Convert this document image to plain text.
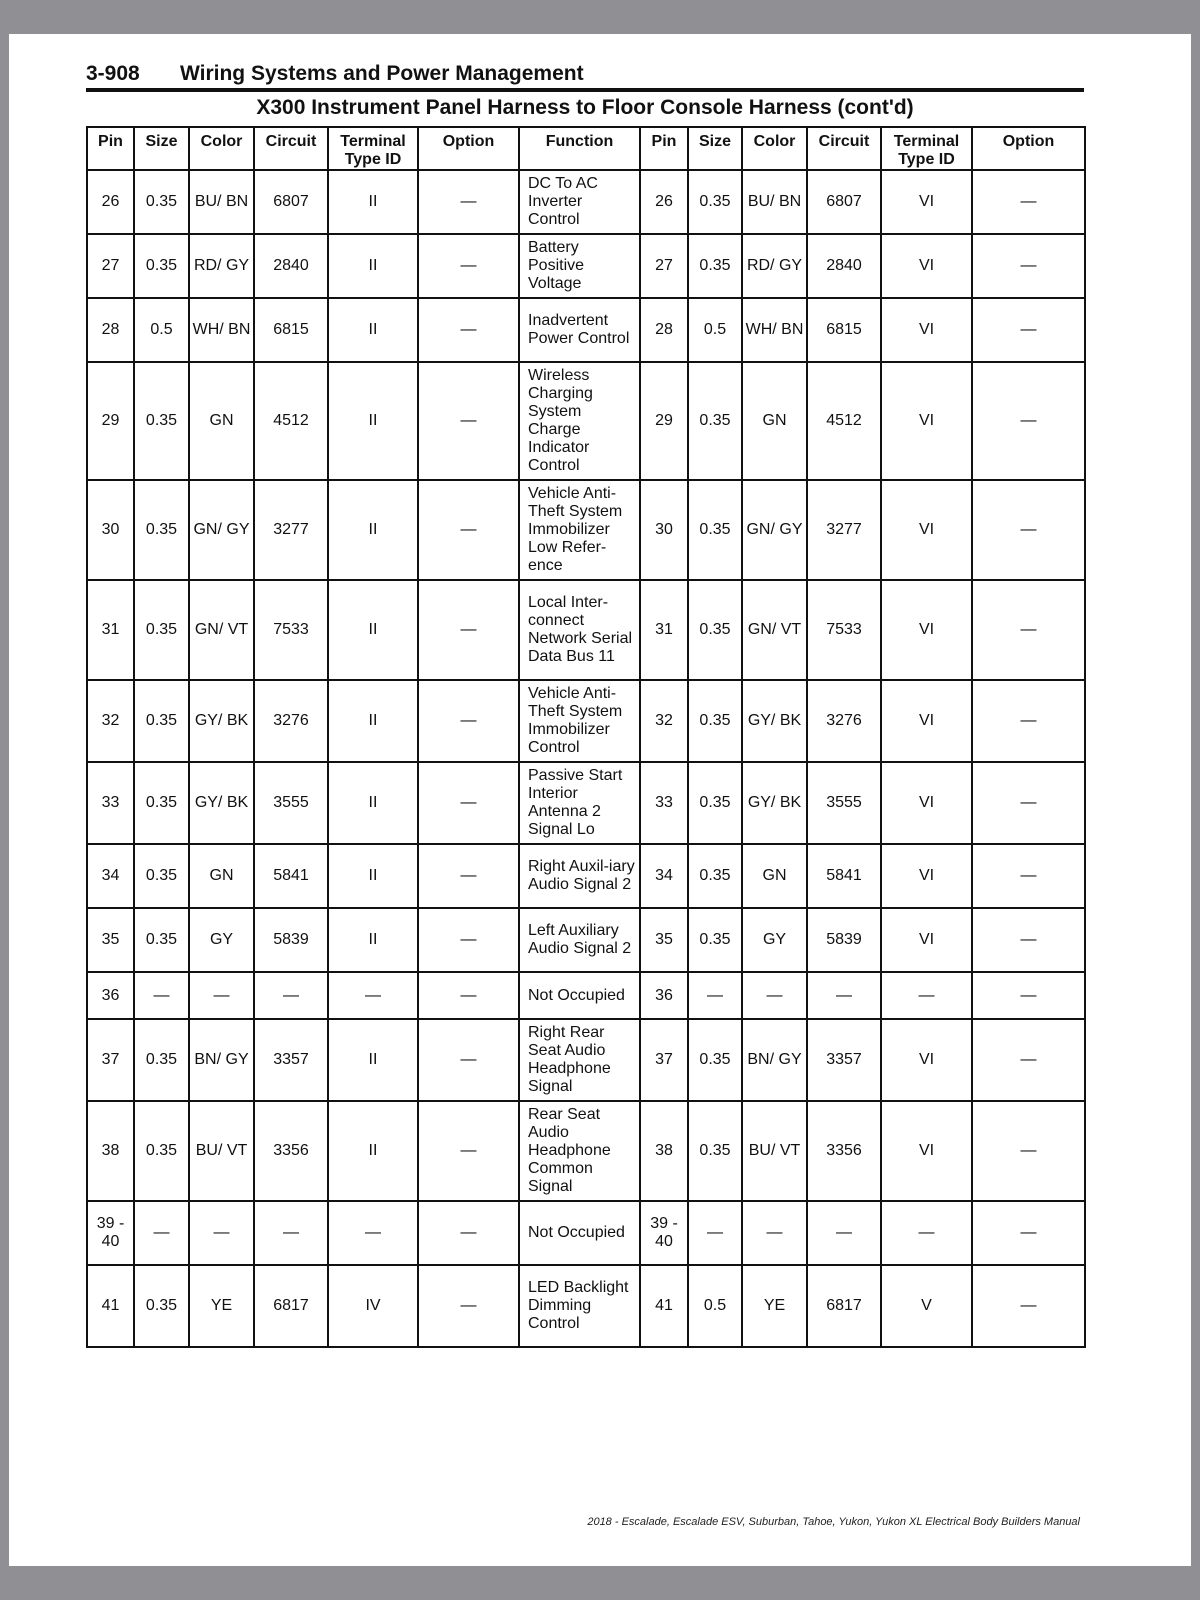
3-908	Wiring Systems and Power Management
X300 Instrument Panel Harness to Floor Console Harness (cont'd)
Pin	Size	Color	Circuit	Terminal Type ID	Option	Function	Pin	Size	Color	Circuit	Terminal Type ID	Option
26	0.35	BU/ BN	6807	II	—	DC To AC Inverter Control	26	0.35	BU/ BN	6807	VI	—
27	0.35	RD/ GY	2840	II	—	Battery Positive Voltage	27	0.35	RD/ GY	2840	VI	—
28	0.5	WH/ BN	6815	II	—	Inadvertent Power Control	28	0.5	WH/ BN	6815	VI	—
29	0.35	GN	4512	II	—	Wireless Charging System Charge Indicator Control	29	0.35	GN	4512	VI	—
30	0.35	GN/ GY	3277	II	—	Vehicle Anti-Theft System Immobilizer Low Refer-ence	30	0.35	GN/ GY	3277	VI	—
31	0.35	GN/ VT	7533	II	—	Local Inter-connect Network Serial Data Bus 11	31	0.35	GN/ VT	7533	VI	—
32	0.35	GY/ BK	3276	II	—	Vehicle Anti-Theft System Immobilizer Control	32	0.35	GY/ BK	3276	VI	—
33	0.35	GY/ BK	3555	II	—	Passive Start Interior Antenna 2 Signal Lo	33	0.35	GY/ BK	3555	VI	—
34	0.35	GN	5841	II	—	Right Auxil-iary Audio Signal 2	34	0.35	GN	5841	VI	—
35	0.35	GY	5839	II	—	Left Auxiliary Audio Signal 2	35	0.35	GY	5839	VI	—
36	—	—	—	—	—	Not Occupied	36	—	—	—	—	—
37	0.35	BN/ GY	3357	II	—	Right Rear Seat Audio Headphone Signal	37	0.35	BN/ GY	3357	VI	—
38	0.35	BU/ VT	3356	II	—	Rear Seat Audio Headphone Common Signal	38	0.35	BU/ VT	3356	VI	—
39 - 40	—	—	—	—	—	Not Occupied	39 - 40	—	—	—	—	—
41	0.35	YE	6817	IV	—	LED Backlight Dimming Control	41	0.5	YE	6817	V	—
2018 - Escalade, Escalade ESV, Suburban, Tahoe, Yukon, Yukon XL Electrical Body Builders Manual
